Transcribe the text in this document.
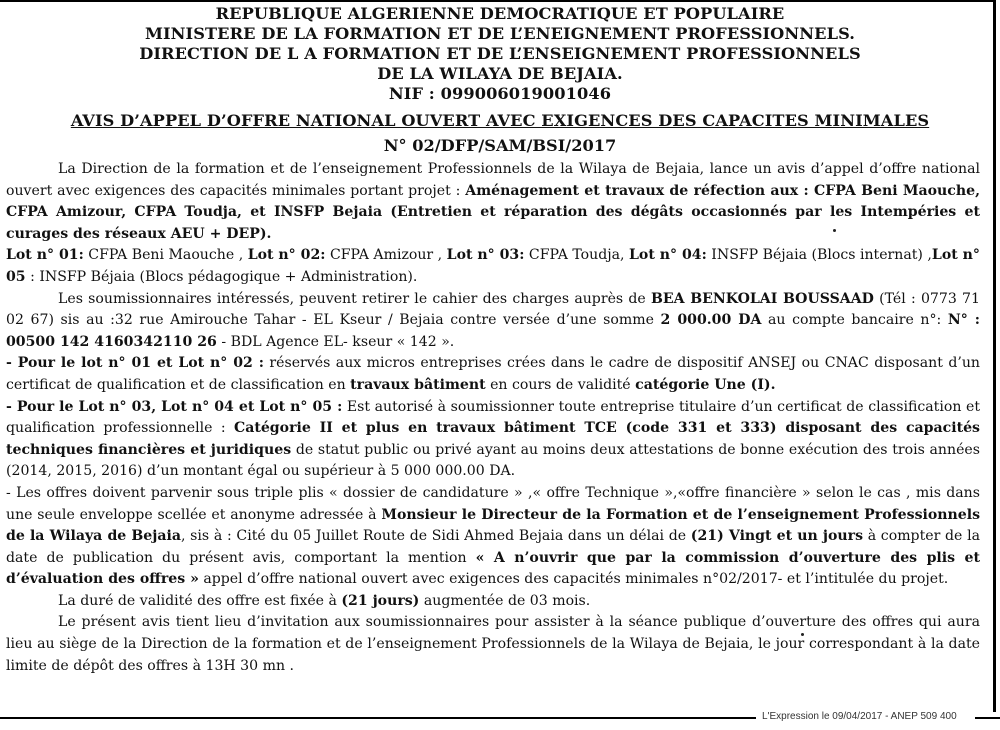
REPUBLIQUE ALGERIENNE DEMOCRATIQUE ET POPULAIRE
MINISTERE DE LA FORMATION ET DE L’ENEIGNEMENT PROFESSIONNELS.
DIRECTION DE L A FORMATION ET DE L’ENSEIGNEMENT PROFESSIONNELS
DE LA WILAYA DE BEJAIA.
NIF : 099006019001046
AVIS D’APPEL D’OFFRE NATIONAL OUVERT AVEC EXIGENCES DES CAPACITES MINIMALES
N° 02/DFP/SAM/BSI/2017

La Direction de la formation et de l’enseignement Professionnels de la Wilaya de Bejaia, lance un avis d’appel d’offre national ouvert avec exigences des capacités minimales portant projet : Aménagement et travaux de réfection aux : CFPA Beni Maouche, CFPA Amizour, CFPA Toudja, et INSFP Bejaia (Entretien et réparation des dégâts occasionnés par les Intempéries et curages des réseaux AEU + DEP).

Lot n° 01: CFPA Beni Maouche , Lot n° 02: CFPA Amizour , Lot n° 03: CFPA Toudja, Lot n° 04: INSFP Béjaia (Blocs internat) ,Lot n° 05 : INSFP Béjaia (Blocs pédagogique + Administration).

Les soumissionnaires intéressés, peuvent retirer le cahier des charges auprès de BEA BENKOLAI BOUSSAAD (Tél : 0773 71 02 67) sis au :32 rue Amirouche Tahar - EL Kseur / Bejaia contre versée d’une somme 2 000.00 DA au compte bancaire n°: N° : 00500 142 4160342110 26 - BDL Agence EL- kseur « 142 ».

- Pour le lot n° 01 et Lot n° 02 : réservés aux micros entreprises crées dans le cadre de dispositif ANSEJ ou CNAC disposant d’un certificat de qualification et de classification en travaux bâtiment en cours de validité catégorie Une (I).

- Pour le Lot n° 03, Lot n° 04 et Lot n° 05 : Est autorisé à soumissionner toute entreprise titulaire d’un certificat de classification et qualification professionnelle : Catégorie II et plus en travaux bâtiment TCE (code 331 et 333) disposant des capacités techniques financières et juridiques de statut public ou privé ayant au moins deux attestations de bonne exécution des trois années (2014, 2015, 2016) d’un montant égal ou supérieur à 5 000 000.00 DA.

- Les offres doivent parvenir sous triple plis « dossier de candidature » ,« offre Technique »,«offre financière » selon le cas , mis dans une seule enveloppe scellée et anonyme adressée à Monsieur le Directeur de la Formation et de l’enseignement Professionnels de la Wilaya de Bejaia, sis à : Cité du 05 Juillet Route de Sidi Ahmed Bejaia dans un délai de (21) Vingt et un jours à compter de la date de publication du présent avis, comportant la mention « A n’ouvrir que par la commission d’ouverture des plis et d’évaluation des offres » appel d’offre national ouvert avec exigences des capacités minimales n°02/2017- et l’intitulée du projet.

La duré de validité des offre est fixée à (21 jours) augmentée de 03 mois.

Le présent avis tient lieu d’invitation aux soumissionnaires pour assister à la séance publique d’ouverture des offres qui aura lieu au siège de la Direction de la formation et de l’enseignement Professionnels de la Wilaya de Bejaia, le jour correspondant à la date limite de dépôt des offres à 13H 30 mn .

L'Expression le 09/04/2017 - ANEP 509 400
